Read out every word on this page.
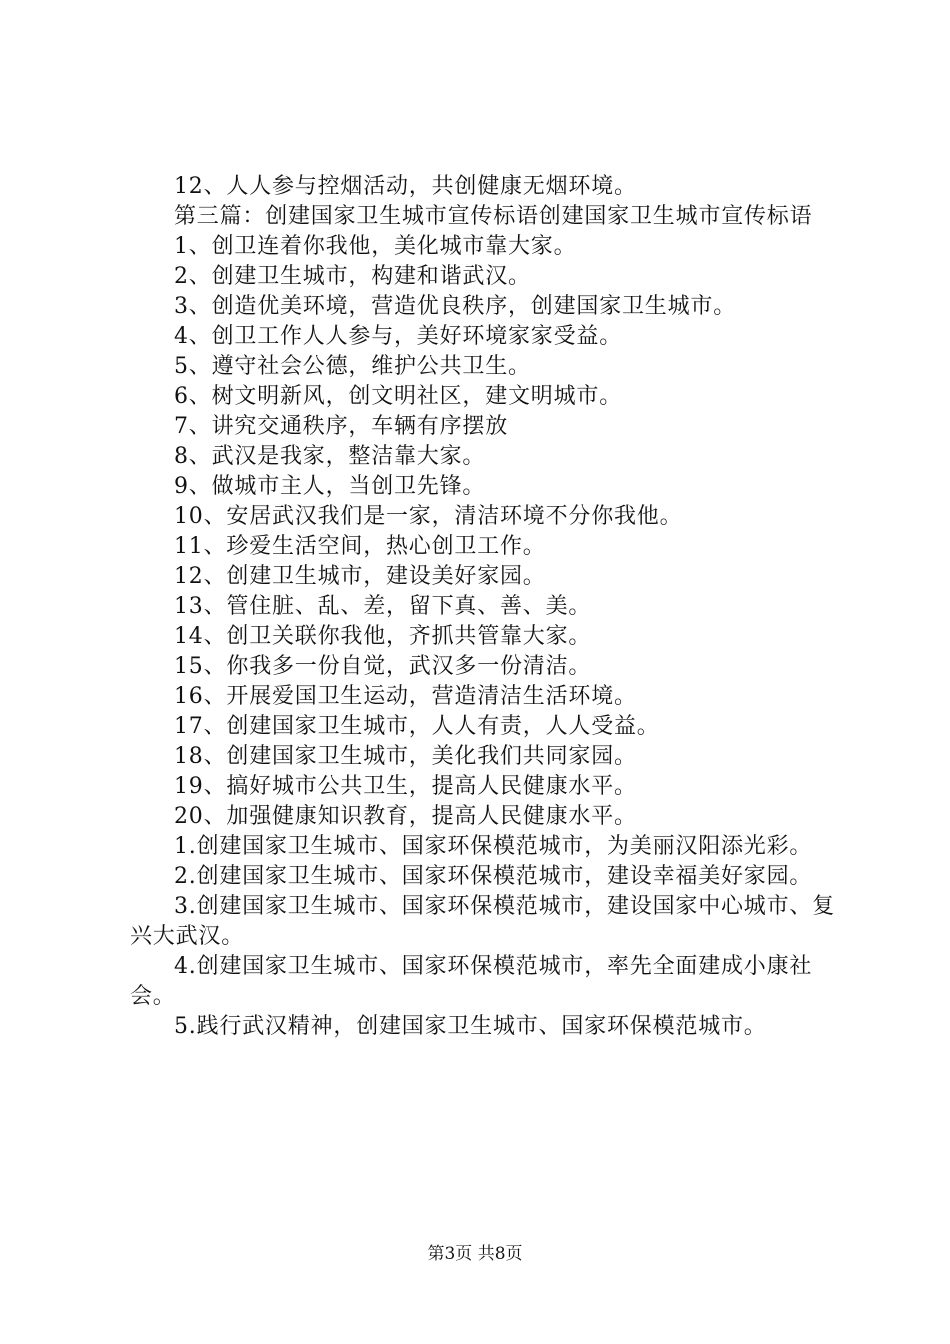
12、人人参与控烟活动，共创健康无烟环境。

第三篇：创建国家卫生城市宣传标语创建国家卫生城市宣传标语

1、创卫连着你我他，美化城市靠大家。

2、创建卫生城市，构建和谐武汉。

3、创造优美环境，营造优良秩序，创建国家卫生城市。

4、创卫工作人人参与，美好环境家家受益。

5、遵守社会公德，维护公共卫生。

6、树文明新风，创文明社区，建文明城市。

7、讲究交通秩序，车辆有序摆放

8、武汉是我家，整洁靠大家。

9、做城市主人，当创卫先锋。

10、安居武汉我们是一家，清洁环境不分你我他。

11、珍爱生活空间，热心创卫工作。

12、创建卫生城市，建设美好家园。

13、管住脏、乱、差，留下真、善、美。

14、创卫关联你我他，齐抓共管靠大家。

15、你我多一份自觉，武汉多一份清洁。

16、开展爱国卫生运动，营造清洁生活环境。

17、创建国家卫生城市，人人有责，人人受益。

18、创建国家卫生城市，美化我们共同家园。

19、搞好城市公共卫生，提高人民健康水平。

20、加强健康知识教育，提高人民健康水平。

1.创建国家卫生城市、国家环保模范城市，为美丽汉阳添光彩。

2.创建国家卫生城市、国家环保模范城市，建设幸福美好家园。

3.创建国家卫生城市、国家环保模范城市，建设国家中心城市、复兴大武汉。

4.创建国家卫生城市、国家环保模范城市，率先全面建成小康社会。

5.践行武汉精神，创建国家卫生城市、国家环保模范城市。

第3页 共8页
